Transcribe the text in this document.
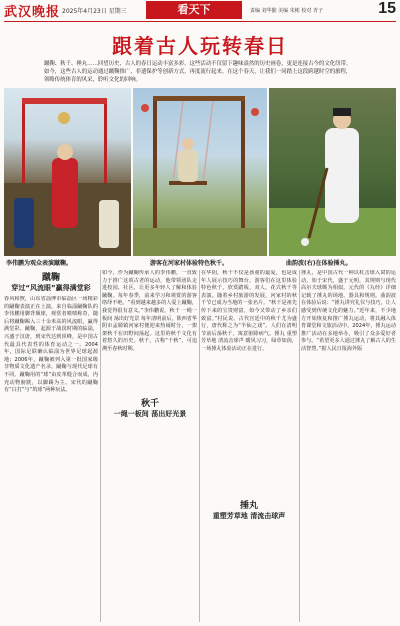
武汉晚报 2025年4月23日 星期三	看天下	责编 刘华勤 美编 朱彬 校对 青子	15
跟着古人玩转春日
蹴鞠、秋千、捶丸……回望历史，古人的春日运动丰富多彩。这些活动不仅留下趣味盎然的历史画卷，更是连接古今的文化纽带。如今，这些古人的运动通过蹴鞠推广、非遗保护等创新方式，再度流行起来。在这个春天，让我们一同踏上这段跨越时空的旅程，领略传统体育的风采，聆听文化的回响。
李伟鹏为观众表演蹴鞠。	游客在河家村体验特色秋千。	曲韵波(右)在体验捶丸。
蹴鞠
穿过“风流眼”赢得满堂彩
秋千
一绳一板间 荡出好光景
捶丸
重塑芳草地 清流击球声
春风和煦，山东省淄博市临淄区一场精彩的蹴鞠表演正在上演。来自临淄蹴鞠队的李伟鹏用脚背颠球，观赏者啧啧称奇，随后将蹴鞠踢入三十余米高的风流眼，赢得满堂彩。蹴鞠，起源于战国时期的临淄，兴盛于汉唐，到宋代达到顶峰，是中国古代最具代表性的体育运动之一。2004年，国际足联确认临淄为世界足球起源地；2006年，蹴鞠被列入第一批国家级非物质文化遗产名录。蹴鞠与现代足球有不同。蹴鞠用的“球”由皮革缝合而成，内充动物膀胱，以脚踢为主。宋代的蹴鞠有“白打”与“筑球”两种玩法。
如今，作为蹴鞠传承人的李伟鹏，一直致力于推广这项古老的运动，他带领团队走进校园、社区，让更多年轻人了解和体验蹴鞠。每年春季，前来学习和观赏的游客络绎不绝。“看到越来越多的人爱上蹴鞠，我觉得很有意义。”李伟鹏说。秋千 一绳一板间 荡出好光景 每年清明前后，陕西省华阴市孟塬镇河家村便迎来热闹时分，一架架秋千在田野间荡起。这里的秋千文化有着悠久的历史。秋千，古称“千秋”，可追溯至春秋时期。
在华阴，秋千不仅是孩童的最爱，也是成年人展示技巧的舞台。游客们在这里体验特色秋千，欣赏踏板、双人、花式秋千等表演。随着乡村旅游的发展，河家村的秋千节已成为当地的一张名片。“秋千是祖先传下来的宝贵财富，如今又带动了乡亲们致富。”村民说。古代宫廷中的秋千尤为盛行，唐代称之为“半仙之戏”。人们在清明节前后荡秋千，寓意驱除病气。捶丸 重塑芳草地 清流击球声 暖风习习，绿草如茵，一场捶丸体验活动正在进行。
捶丸，是中国古代一种以杖击球入窝的运动，始于宋代，盛于元明，其规则与现代高尔夫球颇为相似。元代的《丸经》详细记载了捶丸的场地、器具和规则。曲韵波在体验后说：“捶丸讲究礼仪与技巧，让人感受到传统文化的魅力。”近年来，不少地方开始恢复和推广捶丸运动，将其融入体育课堂和文旅活动中。2024年，捶丸运动推广活动在多地举办，吸引了众多爱好者参与。“希望更多人通过捶丸了解古人的生活智慧。”据人民日报海外版
